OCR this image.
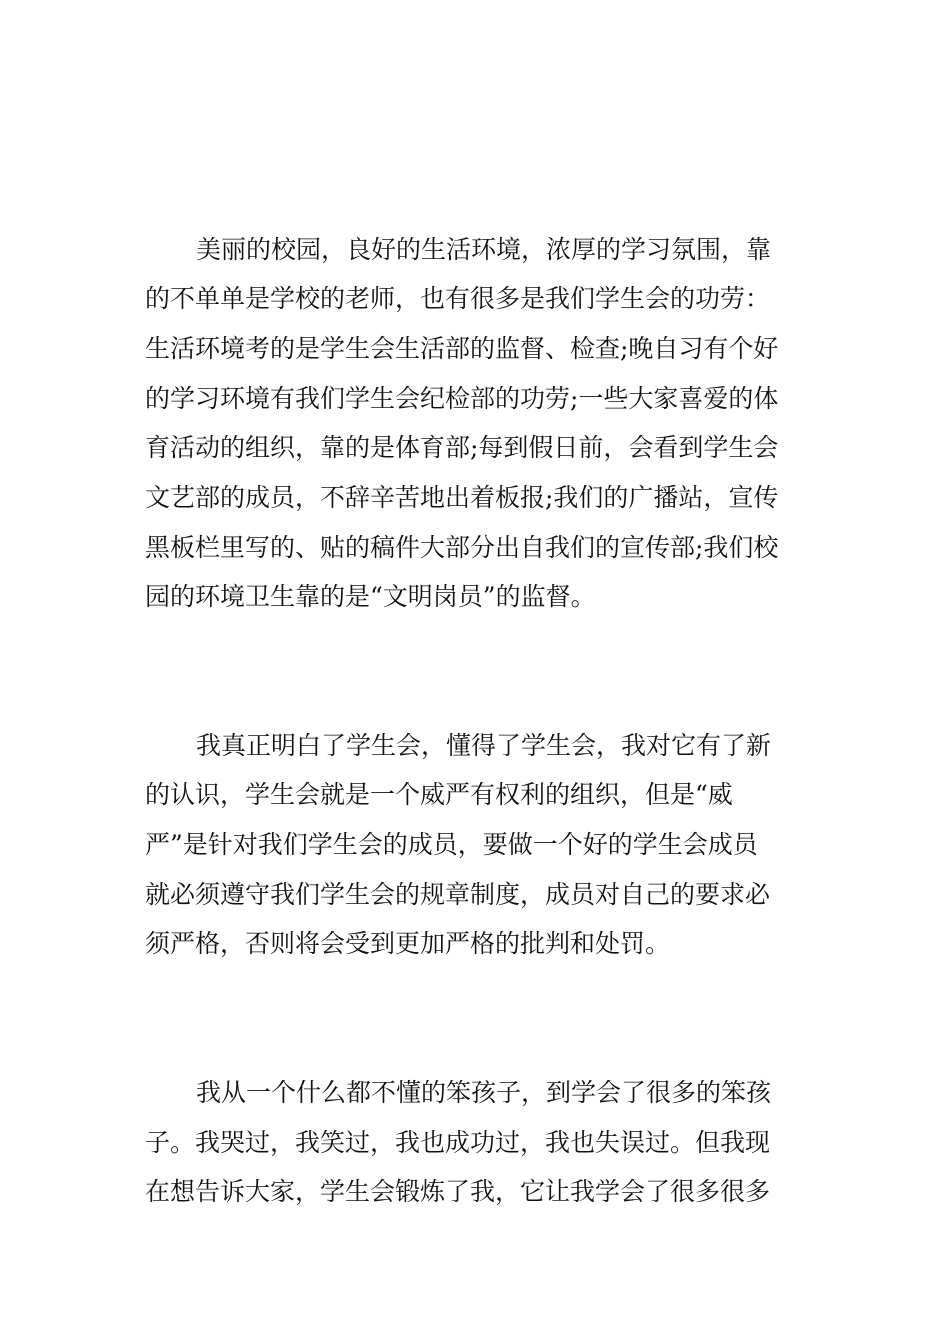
美丽的校园，良好的生活环境，浓厚的学习氛围，靠
的不单单是学校的老师，也有很多是我们学生会的功劳：
生活环境考的是学生会生活部的监督、检查;晚自习有个好
的学习环境有我们学生会纪检部的功劳;一些大家喜爱的体
育活动的组织，靠的是体育部;每到假日前，会看到学生会
文艺部的成员，不辞辛苦地出着板报;我们的广播站，宣传
黑板栏里写的、贴的稿件大部分出自我们的宣传部;我们校
园的环境卫生靠的是“文明岗员”的监督。
我真正明白了学生会，懂得了学生会，我对它有了新
的认识，学生会就是一个威严有权利的组织，但是“威
严”是针对我们学生会的成员，要做一个好的学生会成员
就必须遵守我们学生会的规章制度，成员对自己的要求必
须严格，否则将会受到更加严格的批判和处罚。
我从一个什么都不懂的笨孩子，到学会了很多的笨孩
子。我哭过，我笑过，我也成功过，我也失误过。但我现
在想告诉大家，学生会锻炼了我，它让我学会了很多很多
